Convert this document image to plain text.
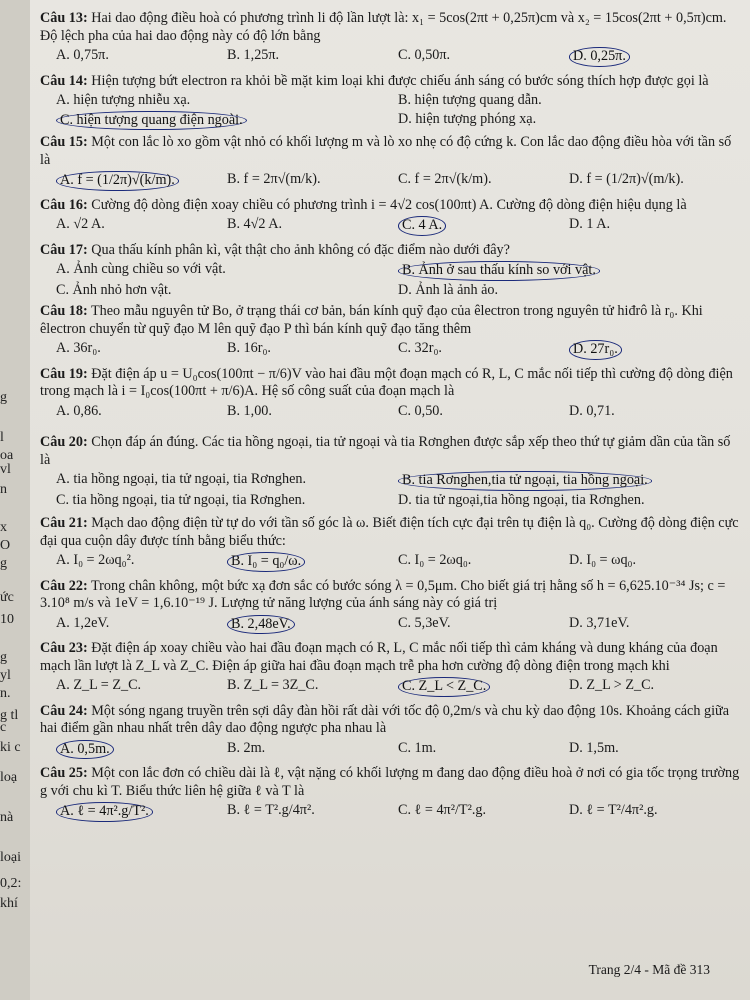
g
l
oa
vl
n
x
O
g
ức
10
g
yl
n.
g tl
c
ki c
loạ
nà
loại
0,2:
khí
Câu 13: Hai dao động điều hoà có phương trình li độ lần lượt là: x₁ = 5cos(2πt + 0,25π)cm và x₂ = 15cos(2πt + 0,5π)cm. Độ lệch pha của hai dao động này có độ lớn bằng
A. 0,75π.	B. 1,25π.	C. 0,50π.	D. 0,25π.
Câu 14: Hiện tượng bứt electron ra khỏi bề mặt kim loại khi được chiếu ánh sáng có bước sóng thích hợp được gọi là
A. hiện tượng nhiễu xạ.	B. hiện tượng quang dẫn.
C. hiện tượng quang điện ngoài.	D. hiện tượng phóng xạ.
Câu 15: Một con lắc lò xo gồm vật nhỏ có khối lượng m và lò xo nhẹ có độ cứng k. Con lắc dao động điều hòa với tần số là
A. f = (1/2π)√(k/m).	B. f = 2π√(m/k).	C. f = 2π√(k/m).	D. f = (1/2π)√(m/k).
Câu 16: Cường độ dòng điện xoay chiều có phương trình i = 4√2 cos(100πt) A. Cường độ dòng điện hiệu dụng là
A. √2 A.	B. 4√2 A.	C. 4 A.	D. 1 A.
Câu 17: Qua thấu kính phân kì, vật thật cho ảnh không có đặc điểm nào dưới đây?
A. Ảnh cùng chiều so với vật.	B. Ảnh ở sau thấu kính so với vật.
C. Ảnh nhỏ hơn vật.	D. Ảnh là ảnh ảo.
Câu 18: Theo mẫu nguyên tử Bo, ở trạng thái cơ bản, bán kính quỹ đạo của êlectron trong nguyên tử hiđrô là r₀. Khi êlectron chuyển từ quỹ đạo M lên quỹ đạo P thì bán kính quỹ đạo tăng thêm
A. 36r₀.	B. 16r₀.	C. 32r₀.	D. 27r₀.
Câu 19: Đặt điện áp u = U₀cos(100πt − π/6)V vào hai đầu một đoạn mạch có R, L, C mắc nối tiếp thì cường độ dòng điện trong mạch là i = I₀cos(100πt + π/6)A. Hệ số công suất của đoạn mạch là
A. 0,86.	B. 1,00.	C. 0,50.	D. 0,71.
Câu 20: Chọn đáp án đúng. Các tia hồng ngoại, tia tử ngoại và tia Rơnghen được sắp xếp theo thứ tự giảm dần của tần số là
A. tia hồng ngoại, tia tử ngoại, tia Rơnghen.	B. tia Rơnghen,tia tử ngoại, tia hồng ngoại.
C. tia hồng ngoại, tia tử ngoại, tia Rơnghen.	D. tia tử ngoại,tia hồng ngoại, tia Rơnghen.
Câu 21: Mạch dao động điện từ tự do với tần số góc là ω. Biết điện tích cực đại trên tụ điện là q₀. Cường độ dòng điện cực đại qua cuộn dây được tính bằng biểu thức:
A. I₀ = 2ωq₀².	B. I₀ = q₀/ω.	C. I₀ = 2ωq₀.	D. I₀ = ωq₀.
Câu 22: Trong chân không, một bức xạ đơn sắc có bước sóng λ = 0,5μm. Cho biết giá trị hằng số h = 6,625.10⁻³⁴ Js; c = 3.10⁸ m/s và 1eV = 1,6.10⁻¹⁹ J. Lượng tử năng lượng của ánh sáng này có giá trị
A. 1,2eV.	B. 2,48eV.	C. 5,3eV.	D. 3,71eV.
Câu 23: Đặt điện áp xoay chiều vào hai đầu đoạn mạch có R, L, C mắc nối tiếp thì cảm kháng và dung kháng của đoạn mạch lần lượt là Z_L và Z_C. Điện áp giữa hai đầu đoạn mạch trễ pha hơn cường độ dòng điện trong mạch khi
A. Z_L = Z_C.	B. Z_L = 3Z_C.	C. Z_L < Z_C.	D. Z_L > Z_C.
Câu 24: Một sóng ngang truyền trên sợi dây đàn hồi rất dài với tốc độ 0,2m/s và chu kỳ dao động 10s. Khoảng cách giữa hai điểm gần nhau nhất trên dây dao động ngược pha nhau là
A. 0,5m.	B. 2m.	C. 1m.	D. 1,5m.
Câu 25: Một con lắc đơn có chiều dài là ℓ, vật nặng có khối lượng m đang dao động điều hoà ở nơi có gia tốc trọng trường g với chu kì T. Biểu thức liên hệ giữa ℓ và T là
A. ℓ = 4π².g/T².	B. ℓ = T².g/4π².	C. ℓ = 4π²/T².g.	D. ℓ = T²/4π².g.
Trang 2/4 - Mã đề 313
